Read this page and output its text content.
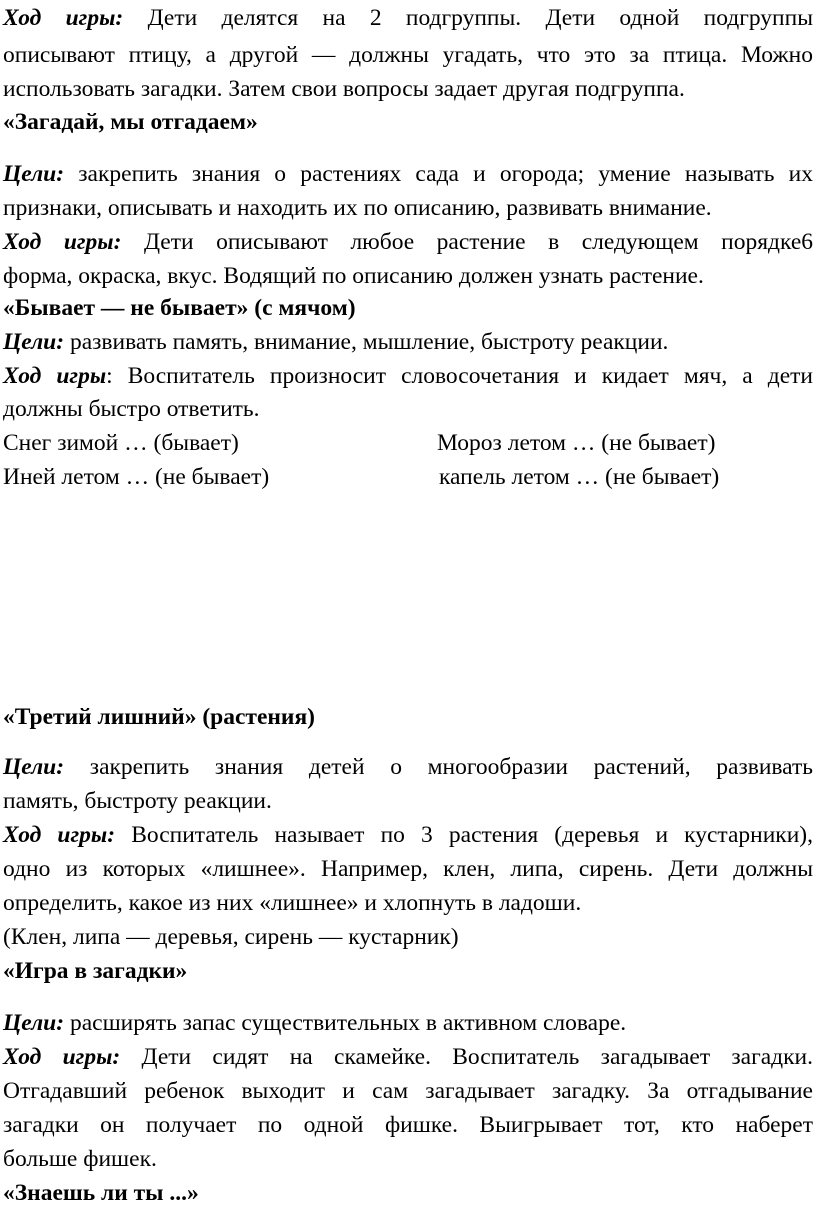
Ход игры: Дети делятся на 2 подгруппы. Дети одной подгруппы
описывают птицу, а другой — должны угадать, что это за птица. Можно
использовать загадки. Затем свои вопросы задает другая подгруппа.
«Загадай, мы отгадаем»
Цели: закрепить знания о растениях сада и огорода; умение называть их
признаки, описывать и находить их по описанию, развивать внимание.
Ход игры: Дети описывают любое растение в следующем порядке6
форма, окраска, вкус. Водящий по описанию должен узнать растение.
«Бывает — не бывает» (с мячом)
Цели: развивать память, внимание, мышление, быстроту реакции.
Ход игры: Воспитатель произносит словосочетания и кидает мяч, а дети
должны быстро ответить.
Снег зимой … (бывает)	Мороз летом … (не бывает)
Иней летом … (не бывает)	капель летом … (не бывает)
«Третий лишний» (растения)
Цели: закрепить знания детей о многообразии растений, развивать
память, быстроту реакции.
Ход игры: Воспитатель называет по 3 растения (деревья и кустарники),
одно из которых «лишнее». Например, клен, липа, сирень. Дети должны
определить, какое из них «лишнее» и хлопнуть в ладоши.
(Клен, липа — деревья, сирень — кустарник)
«Игра в загадки»
Цели: расширять запас существительных в активном словаре.
Ход игры: Дети сидят на скамейке. Воспитатель загадывает загадки.
Отгадавший ребенок выходит и сам загадывает загадку. За отгадывание
загадки он получает по одной фишке. Выигрывает тот, кто наберет
больше фишек.
«Знаешь ли ты ...»
